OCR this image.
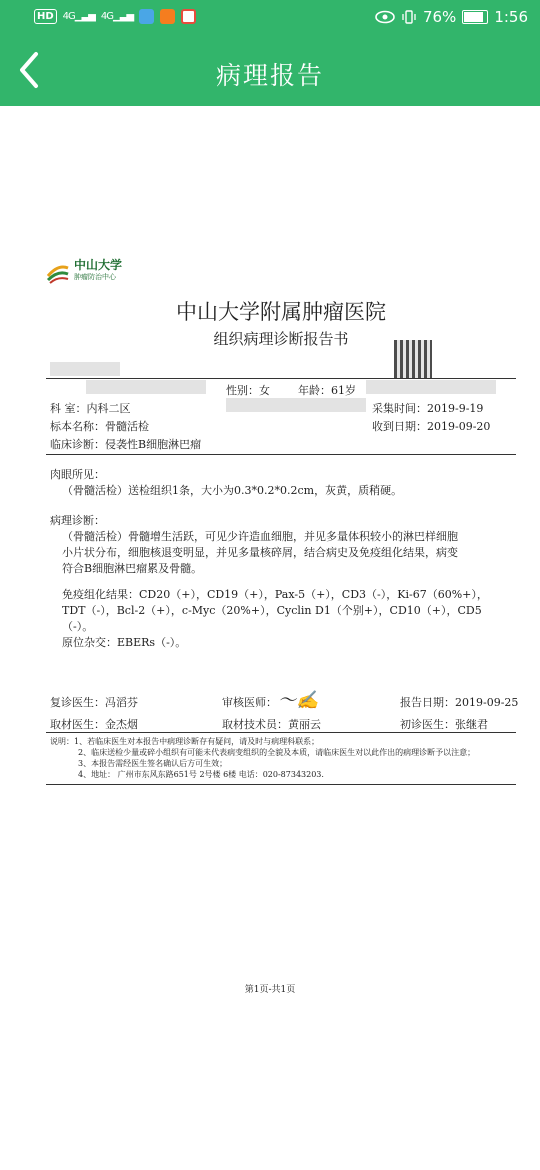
HD 4G▁▃▅ 4G▁▃▅	76%	1:56
病理报告
中山大学
肿瘤防治中心
中山大学附属肿瘤医院
组织病理诊断报告书
性别：女	年龄：61岁
科 室：内科二区	采集时间：2019-9-19
标本名称：骨髓活检	收到日期：2019-09-20
临床诊断：侵袭性B细胞淋巴瘤
肉眼所见：
（骨髓活检）送检组织1条，大小为0.3*0.2*0.2cm，灰黄，质稍硬。
病理诊断：
（骨髓活检）骨髓增生活跃，可见少许造血细胞，并见多量体积较小的淋巴样细胞
小片状分布，细胞核退变明显，并见多量核碎屑，结合病史及免疫组化结果，病变
符合B细胞淋巴瘤累及骨髓。
免疫组化结果：CD20（+），CD19（+），Pax-5（+），CD3（-），Ki-67（60%+），
TDT（-），Bcl-2（+），c-Myc（20%+），Cyclin D1（个别+），CD10（+），CD5
（-）。
原位杂交：EBERs（-）。
复诊医生：冯滔芬	审核医师： 〜✍	报告日期：2019-09-25
取材医生：金杰烟	取材技术员：黄丽云	初诊医生：张继君
说明：1、若临床医生对本报告中病理诊断存有疑问，请及时与病理科联系；
2、临床送检少量或碎小组织有可能未代表病变组织的全貌及本质，请临床医生对以此作出的病理诊断予以注意；
3、本报告需经医生签名确认后方可生效；
4、地址： 广州市东风东路651号 2号楼 6楼 电话：020-87343203.
第1页-共1页
